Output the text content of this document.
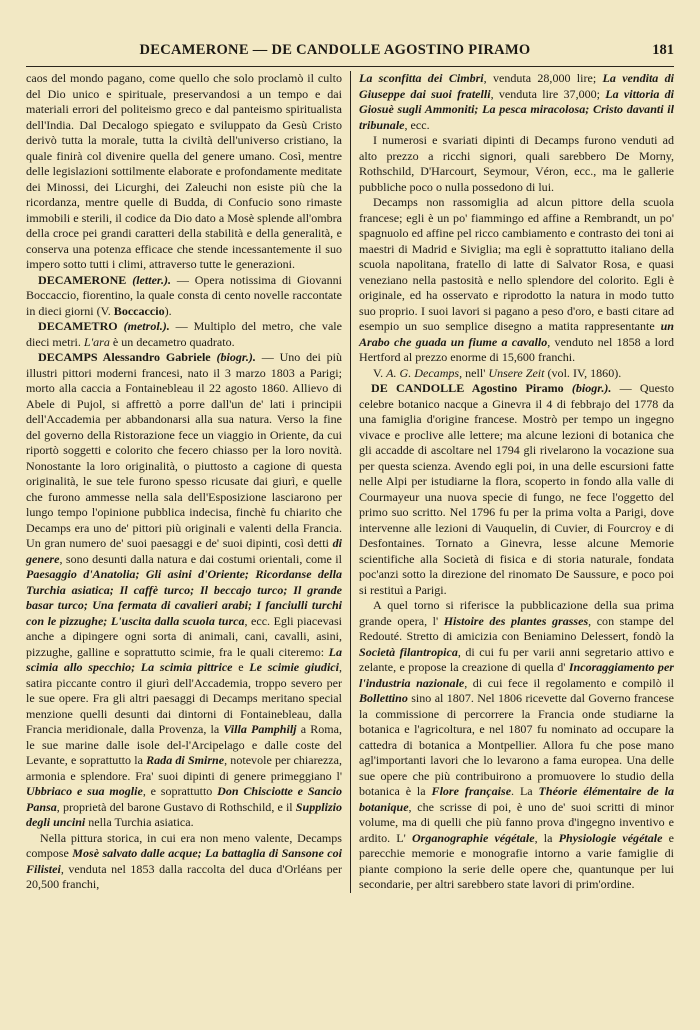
DECAMERONE — DE CANDOLLE AGOSTINO PIRAMO	181

caos del mondo pagano, come quello che solo proclamò il culto del Dio unico e spirituale, preservandosi a un tempo e dai materiali errori del politeismo greco e dal panteismo spiritualista dell'India. Dal Decalogo spiegato e sviluppato da Gesù Cristo derivò tutta la morale, tutta la civiltà dell'universo cristiano, la quale finirà col divenire quella del genere umano. Così, mentre delle legislazioni sottilmente elaborate e profondamente meditate dei Minossi, dei Licurghi, dei Zaleuchi non esiste più che la ricordanza, mentre quelle di Budda, di Confucio sono rimaste immobili e sterili, il codice da Dio dato a Mosè splende all'ombra della croce pei grandi caratteri della stabilità e della generalità, e conserva una potenza efficace che stende incessantemente il suo impero sotto tutti i climi, attraverso tutte le generazioni.

DECAMERONE (letter.). — Opera notissima di Giovanni Boccaccio, fiorentino, la quale consta di cento novelle raccontate in dieci giorni (V. Boccaccio).

DECAMETRO (metrol.). — Multiplo del metro, che vale dieci metri. L'ara è un decametro quadrato.

DECAMPS Alessandro Gabriele (biogr.). — Uno dei più illustri pittori moderni francesi, nato il 3 marzo 1803 a Parigi; morto alla caccia a Fontainebleau il 22 agosto 1860. Allievo di Abele di Pujol, si affrettò a porre dall'un de' lati i principii dell'Accademia per abbandonarsi alla sua natura. Verso la fine del governo della Ristorazione fece un viaggio in Oriente, da cui riportò soggetti e colorito che fecero chiasso per la loro novità. Nonostante la loro originalità, o piuttosto a cagione di questa originalità, le sue tele furono spesso ricusate dai giurì, e quelle che furono ammesse nella sala dell'Esposizione lasciarono per lungo tempo l'opinione pubblica indecisa, finchè fu chiarito che Decamps era uno de' pittori più originali e valenti della Francia. Un gran numero de' suoi paesaggi e de' suoi dipinti, così detti di genere, sono desunti dalla natura e dai costumi orientali, come il Paesaggio d'Anatolia; Gli asini d'Oriente; Ricordanse della Turchia asiatica; Il caffè turco; Il beccajo turco; Il grande basar turco; Una fermata di cavalieri arabi; I fanciulli turchi con le pizzughe; L'uscita dalla scuola turca, ecc. Egli piacevasi anche a dipingere ogni sorta di animali, cani, cavalli, asini, pizzughe, galline e soprattutto scimie, fra le quali citeremo: La scimia allo specchio; La scimia pittrice e Le scimie giudici, satira piccante contro il giurì dell'Accademia, troppo severo per le sue opere. Fra gli altri paesaggi di Decamps meritano special menzione quelli desunti dai dintorni di Fontainebleau, dalla Francia meridionale, dalla Provenza, la Villa Pamphilj a Roma, le sue marine dalle isole del-l'Arcipelago e dalle coste del Levante, e soprattutto la Rada di Smirne, notevole per chiarezza, armonia e splendore. Fra' suoi dipinti di genere primeggiano l' Ubbriaco e sua moglie, e soprattutto Don Chisciotte e Sancio Pansa, proprietà del barone Gustavo di Rothschild, e il Supplizio degli uncini nella Turchia asiatica.

Nella pittura storica, in cui era non meno valente, Decamps compose Mosè salvato dalle acque; La battaglia di Sansone coi Filistei, venduta nel 1853 dalla raccolta del duca d'Orléans per 20,500 franchi,

La sconfitta dei Cimbri, venduta 28,000 lire; La vendita di Giuseppe dai suoi fratelli, venduta lire 37,000; La vittoria di Giosuè sugli Ammoniti; La pesca miracolosa; Cristo davanti il tribunale, ecc.

I numerosi e svariati dipinti di Decamps furono venduti ad alto prezzo a ricchi signori, quali sarebbero De Morny, Rothschild, D'Harcourt, Seymour, Véron, ecc., ma le gallerie pubbliche poco o nulla possedono di lui.

Decamps non rassomiglia ad alcun pittore della scuola francese; egli è un po' fiammingo ed affine a Rembrandt, un po' spagnuolo ed affine pel ricco cambiamento e contrasto dei toni ai maestri di Madrid e Siviglia; ma egli è soprattutto italiano della scuola napolitana, fratello di latte di Salvator Rosa, e quasi veneziano nella pastosità e nello splendore del colorito. Egli è originale, ed ha osservato e riprodotto la natura in modo tutto suo proprio. I suoi lavori si pagano a peso d'oro, e basti citare ad esempio un suo semplice disegno a matita rappresentante un Arabo che guada un fiume a cavallo, venduto nel 1858 a lord Hertford al prezzo enorme di 15,600 franchi.

V. A. G. Decamps, nell' Unsere Zeit (vol. IV, 1860).

DE CANDOLLE Agostino Piramo (biogr.). — Questo celebre botanico nacque a Ginevra il 4 di febbrajo del 1778 da una famiglia d'origine francese. Mostrò per tempo un ingegno vivace e proclive alle lettere; ma alcune lezioni di botanica che gli accadde di ascoltare nel 1794 gli rivelarono la vocazione sua per questa scienza. Avendo egli poi, in una delle escursioni fatte nelle Alpi per istudiarne la flora, scoperto in fondo alla valle di Courmayeur una nuova specie di fungo, ne fece l'oggetto del primo suo scritto. Nel 1796 fu per la prima volta a Parigi, dove intervenne alle lezioni di Vauquelin, di Cuvier, di Fourcroy e di Desfontaines. Tornato a Ginevra, lesse alcune Memorie scientifiche alla Società di fisica e di storia naturale, fondata poc'anzi sotto la direzione del rinomato De Saussure, e poco poi si restituì a Parigi.

A quel torno si riferisce la pubblicazione della sua prima grande opera, l' Histoire des plantes grasses, con stampe del Redouté. Stretto di amicizia con Beniamino Delessert, fondò la Società filantropica, di cui fu per varii anni segretario attivo e zelante, e propose la creazione di quella d' Incoraggiamento per l'industria nazionale, di cui fece il regolamento e compilò il Bollettino sino al 1807. Nel 1806 ricevette dal Governo francese la commissione di percorrere la Francia onde studiarne la botanica e l'agricoltura, e nel 1807 fu nominato ad occupare la cattedra di botanica a Montpellier. Allora fu che pose mano agl'importanti lavori che lo levarono a fama europea. Una delle sue opere che più contribuirono a promuovere lo studio della botanica è la Flore française. La Théorie élémentaire de la botanique, che scrisse di poi, è uno de' suoi scritti di minor volume, ma di quelli che più fanno prova d'ingegno inventivo e ardito. L' Organographie végétale, la Physiologie végétale e parecchie memorie e monografie intorno a varie famiglie di piante compiono la serie delle opere che, quantunque per lui secondarie, per altri sarebbero state lavori di prim'ordine.
